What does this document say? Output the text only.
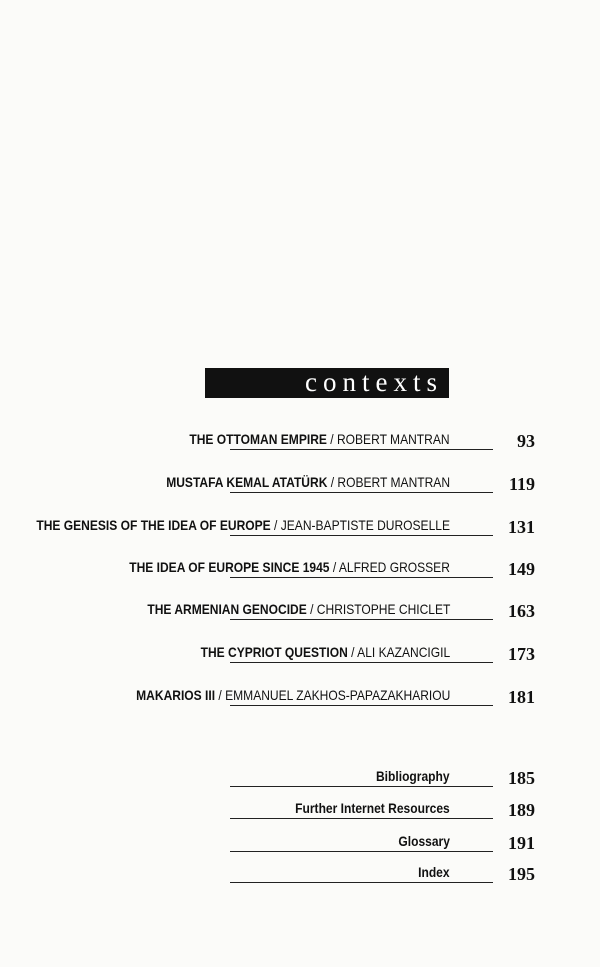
contexts
THE OTTOMAN EMPIRE / ROBERT MANTRAN	93
MUSTAFA KEMAL ATATÜRK / ROBERT MANTRAN	119
THE GENESIS OF THE IDEA OF EUROPE / JEAN-BAPTISTE DUROSELLE	131
THE IDEA OF EUROPE SINCE 1945 / ALFRED GROSSER	149
THE ARMENIAN GENOCIDE / CHRISTOPHE CHICLET	163
THE CYPRIOT QUESTION / ALI KAZANCIGIL	173
MAKARIOS III / EMMANUEL ZAKHOS-PAPAZAKHARIOU	181
Bibliography	185
Further Internet Resources	189
Glossary	191
Index	195
